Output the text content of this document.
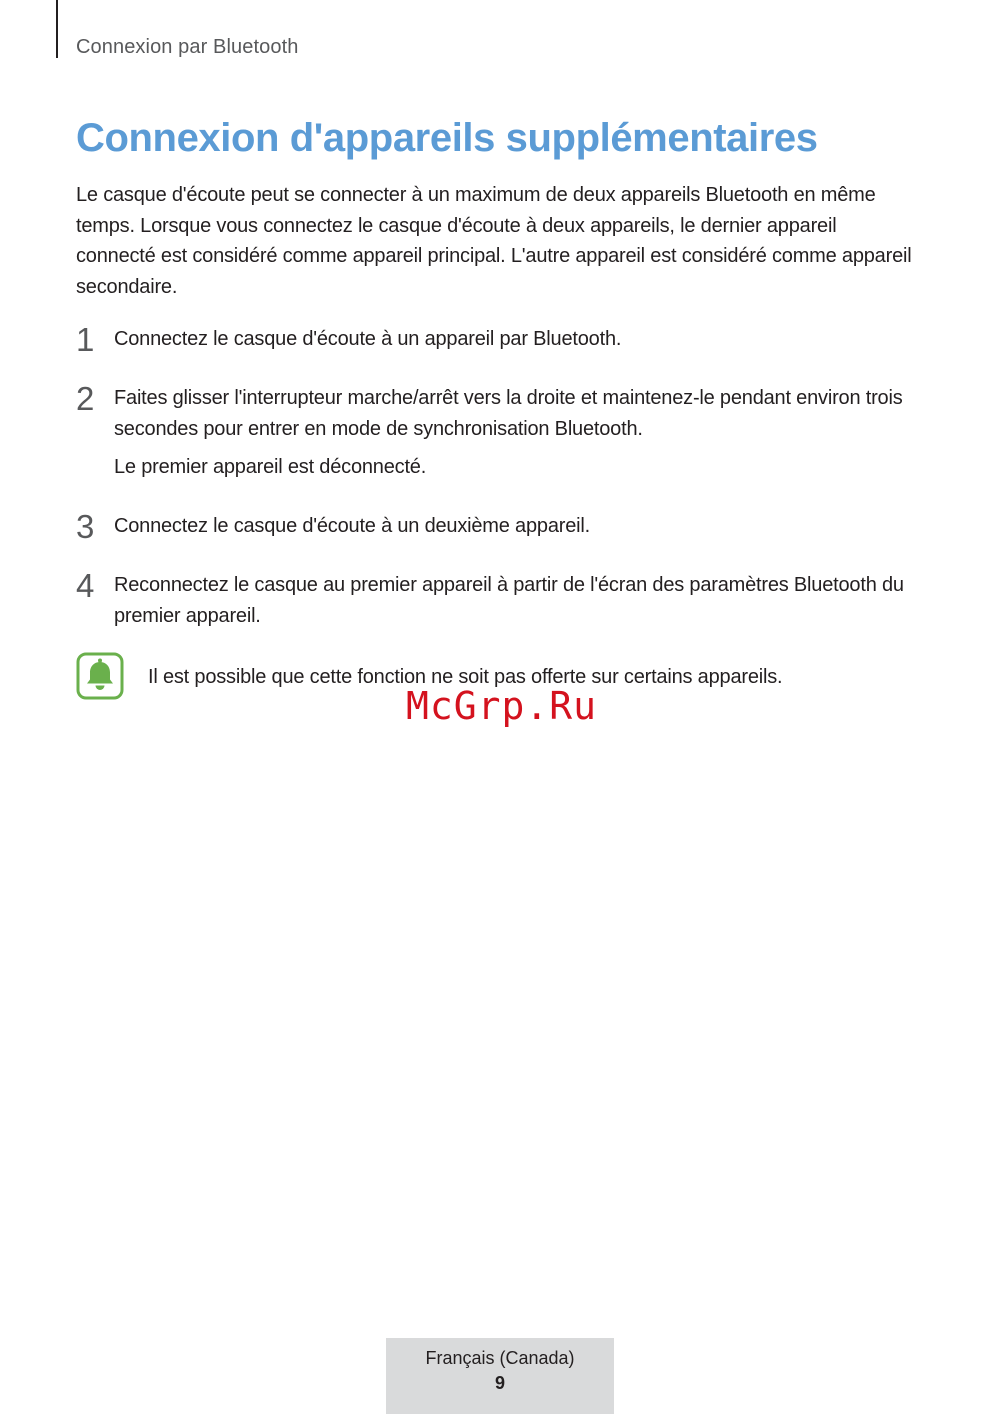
Connexion par Bluetooth
Connexion d'appareils supplémentaires

Le casque d'écoute peut se connecter à un maximum de deux appareils Bluetooth en même temps. Lorsque vous connectez le casque d'écoute à deux appareils, le dernier appareil connecté est considéré comme appareil principal. L'autre appareil est considéré comme appareil secondaire.

1 Connectez le casque d'écoute à un appareil par Bluetooth.

2 Faites glisser l'interrupteur marche/arrêt vers la droite et maintenez-le pendant environ trois secondes pour entrer en mode de synchronisation Bluetooth.

Le premier appareil est déconnecté.

3 Connectez le casque d'écoute à un deuxième appareil.

4 Reconnectez le casque au premier appareil à partir de l'écran des paramètres Bluetooth du premier appareil.

Il est possible que cette fonction ne soit pas offerte sur certains appareils.
McGrp.Ru
Français (Canada)
9
